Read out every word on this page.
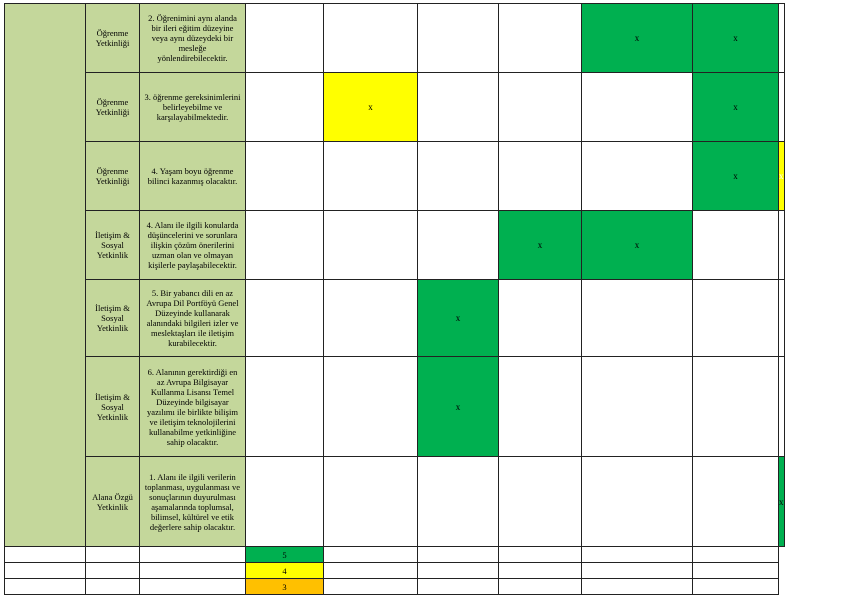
	Öğrenme Yetkinliği	2. Öğrenimini aynı alanda bir ileri eğitim düzeyine veya aynı düzeydeki bir mesleğe yönlendirebilecektir.					x	x	
	Öğrenme Yetkinliği	3. öğrenme gereksinimlerini belirleyebilme ve karşılayabilmektedir.		x				x	
	Öğrenme Yetkinliği	4. Yaşam boyu öğrenme bilinci kazanmış olacaktır.						x	x
	İletişim & Sosyal Yetkinlik	4. Alanı ile ilgili konularda düşüncelerini ve sorunlara ilişkin çözüm önerilerini uzman olan ve olmayan kişilerle paylaşabilecektir.				x	x		
	İletişim & Sosyal Yetkinlik	5. Bir yabancı dili en az Avrupa Dil Portföyü Genel Düzeyinde kullanarak alanındaki bilgileri izler ve meslektaşları ile iletişim kurabilecektir.			x				
	İletişim & Sosyal Yetkinlik	6. Alanının gerektirdiği en az Avrupa Bilgisayar Kullanma Lisansı Temel Düzeyinde bilgisayar yazılımı ile birlikte bilişim ve iletişim teknolojilerini kullanabilme yetkinliğine sahip olacaktır.			x				
	Alana Özgü Yetkinlik	1. Alanı ile ilgili verilerin toplanması, uygulanması ve sonuçlarının duyurulması aşamalarında toplumsal, bilimsel, kültürel ve etik değerlere sahip olacaktır.							x
			5						
			4						
			3						
